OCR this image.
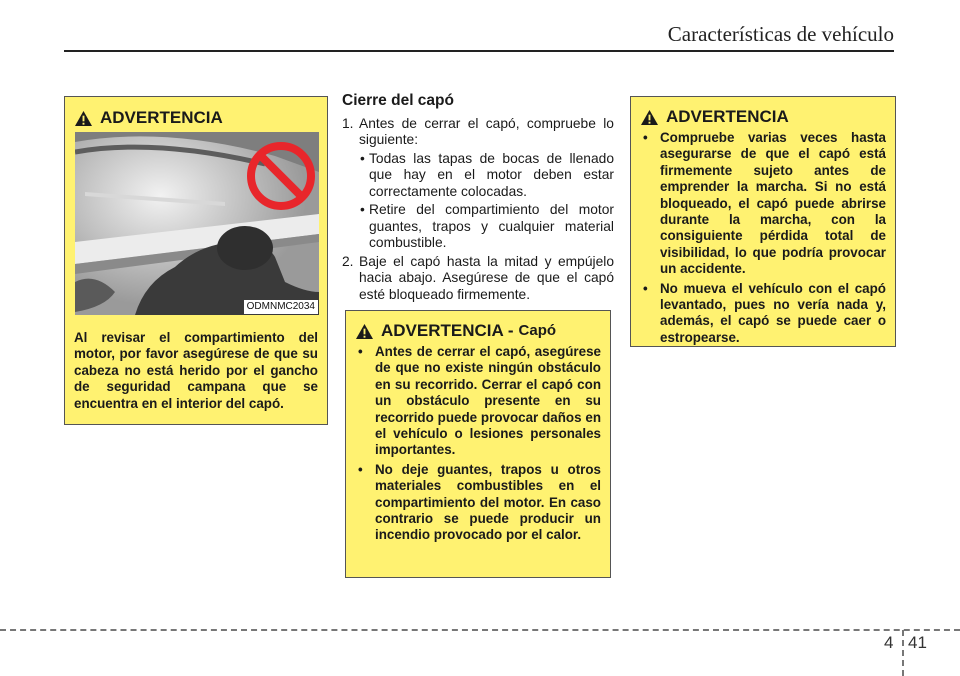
Características de vehículo
ADVERTENCIA
ODMNMC2034
Al revisar el compartimiento del motor, por favor asegúrese de que su cabeza no está herido por el gancho de seguridad campana que se encuentra en el interior del capó.
Cierre del capó
1. Antes de cerrar el capó, compruebe lo siguiente:
• Todas las tapas de bocas de llenado que hay en el motor deben estar correctamente colocadas.
• Retire del compartimiento del motor guantes, trapos y cualquier material combustible.
2. Baje el capó hasta la mitad y empújelo hacia abajo. Asegúrese de que el capó esté bloqueado firmemente.
ADVERTENCIA - Capó
• Antes de cerrar el capó, asegúrese de que no existe ningún obstáculo en su recorrido. Cerrar el capó con un obstáculo presente en su recorrido puede provocar daños en el vehículo o lesiones personales importantes.
• No deje guantes, trapos u otros materiales combustibles en el compartimiento del motor. En caso contrario se puede producir un incendio provocado por el calor.
ADVERTENCIA
• Compruebe varias veces hasta asegurarse de que el capó está firmemente sujeto antes de emprender la marcha. Si no está bloqueado, el capó puede abrirse durante la marcha, con la consiguiente pérdida total de visibilidad, lo que podría provocar un accidente.
• No mueva el vehículo con el capó levantado, pues no vería nada y, además, el capó se puede caer o estropearse.
4 41
